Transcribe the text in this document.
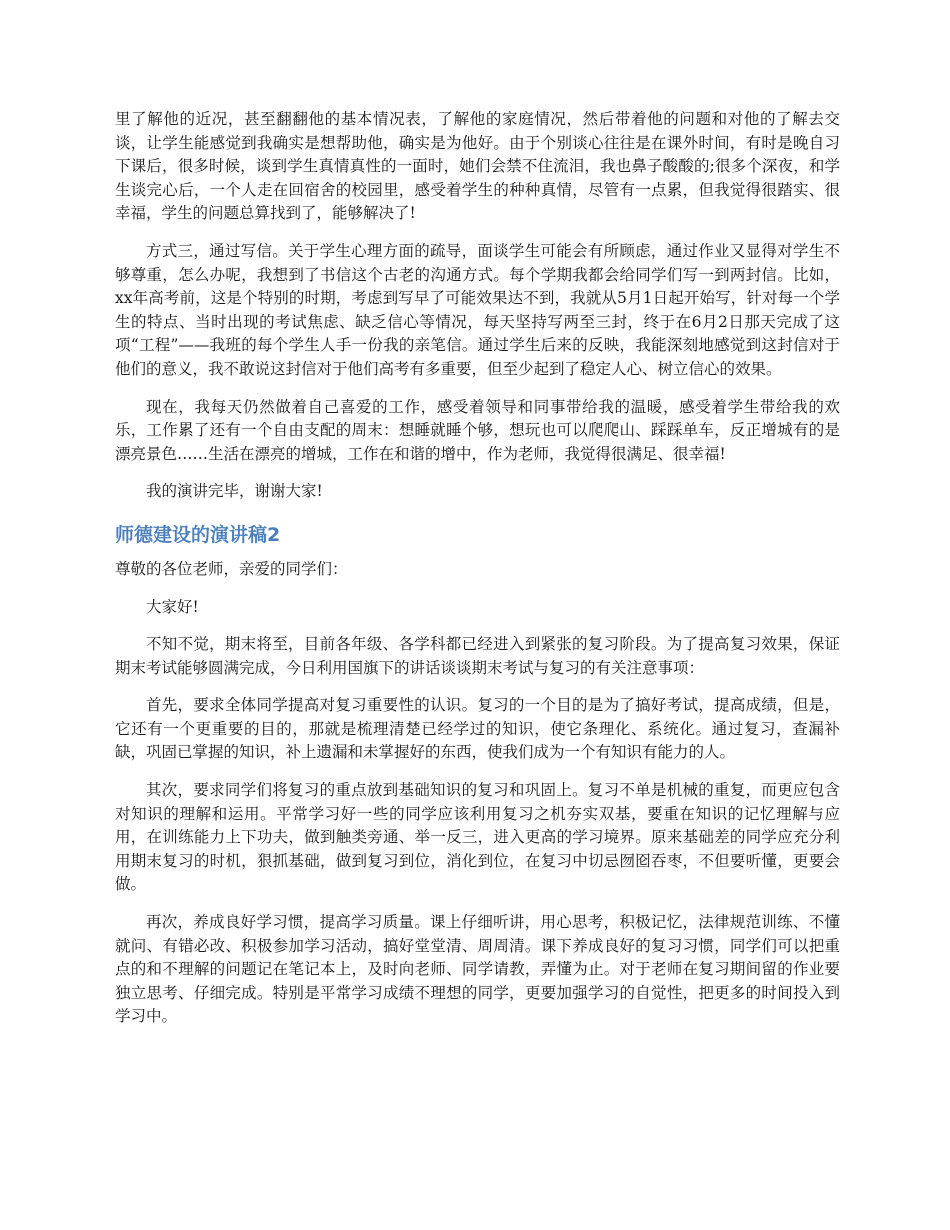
里了解他的近况，甚至翻翻他的基本情况表，了解他的家庭情况，然后带着他的问题和对他的了解去交谈，让学生能感觉到我确实是想帮助他，确实是为他好。由于个别谈心往往是在课外时间，有时是晚自习下课后，很多时候，谈到学生真情真性的一面时，她们会禁不住流泪，我也鼻子酸酸的;很多个深夜，和学生谈完心后，一个人走在回宿舍的校园里，感受着学生的种种真情，尽管有一点累，但我觉得很踏实、很幸福，学生的问题总算找到了，能够解决了!

方式三，通过写信。关于学生心理方面的疏导，面谈学生可能会有所顾虑，通过作业又显得对学生不够尊重，怎么办呢，我想到了书信这个古老的沟通方式。每个学期我都会给同学们写一到两封信。比如，xx年高考前，这是个特别的时期，考虑到写早了可能效果达不到，我就从5月1日起开始写，针对每一个学生的特点、当时出现的考试焦虑、缺乏信心等情况，每天坚持写两至三封，终于在6月2日那天完成了这项“工程”——我班的每个学生人手一份我的亲笔信。通过学生后来的反映，我能深刻地感觉到这封信对于他们的意义，我不敢说这封信对于他们高考有多重要，但至少起到了稳定人心、树立信心的效果。

现在，我每天仍然做着自己喜爱的工作，感受着领导和同事带给我的温暖，感受着学生带给我的欢乐，工作累了还有一个自由支配的周末：想睡就睡个够，想玩也可以爬爬山、踩踩单车，反正增城有的是漂亮景色……生活在漂亮的增城，工作在和谐的增中，作为老师，我觉得很满足、很幸福!

我的演讲完毕，谢谢大家!

师德建设的演讲稿2

尊敬的各位老师，亲爱的同学们：

大家好!

不知不觉，期末将至，目前各年级、各学科都已经进入到紧张的复习阶段。为了提高复习效果，保证期末考试能够圆满完成，今日利用国旗下的讲话谈谈期末考试与复习的有关注意事项：

首先，要求全体同学提高对复习重要性的认识。复习的一个目的是为了搞好考试，提高成绩，但是，它还有一个更重要的目的，那就是梳理清楚已经学过的知识，使它条理化、系统化。通过复习，查漏补缺，巩固已掌握的知识，补上遗漏和未掌握好的东西，使我们成为一个有知识有能力的人。

其次，要求同学们将复习的重点放到基础知识的复习和巩固上。复习不单是机械的重复，而更应包含对知识的理解和运用。平常学习好一些的同学应该利用复习之机夯实双基，要重在知识的记忆理解与应用，在训练能力上下功夫，做到触类旁通、举一反三，进入更高的学习境界。原来基础差的同学应充分利用期末复习的时机，狠抓基础，做到复习到位，消化到位，在复习中切忌囫囵吞枣，不但要听懂，更要会做。

再次，养成良好学习惯，提高学习质量。课上仔细听讲，用心思考，积极记忆，法律规范训练、不懂就问、有错必改、积极参加学习活动，搞好堂堂清、周周清。课下养成良好的复习习惯，同学们可以把重点的和不理解的问题记在笔记本上，及时向老师、同学请教，弄懂为止。对于老师在复习期间留的作业要独立思考、仔细完成。特别是平常学习成绩不理想的同学，更要加强学习的自觉性，把更多的时间投入到学习中。
